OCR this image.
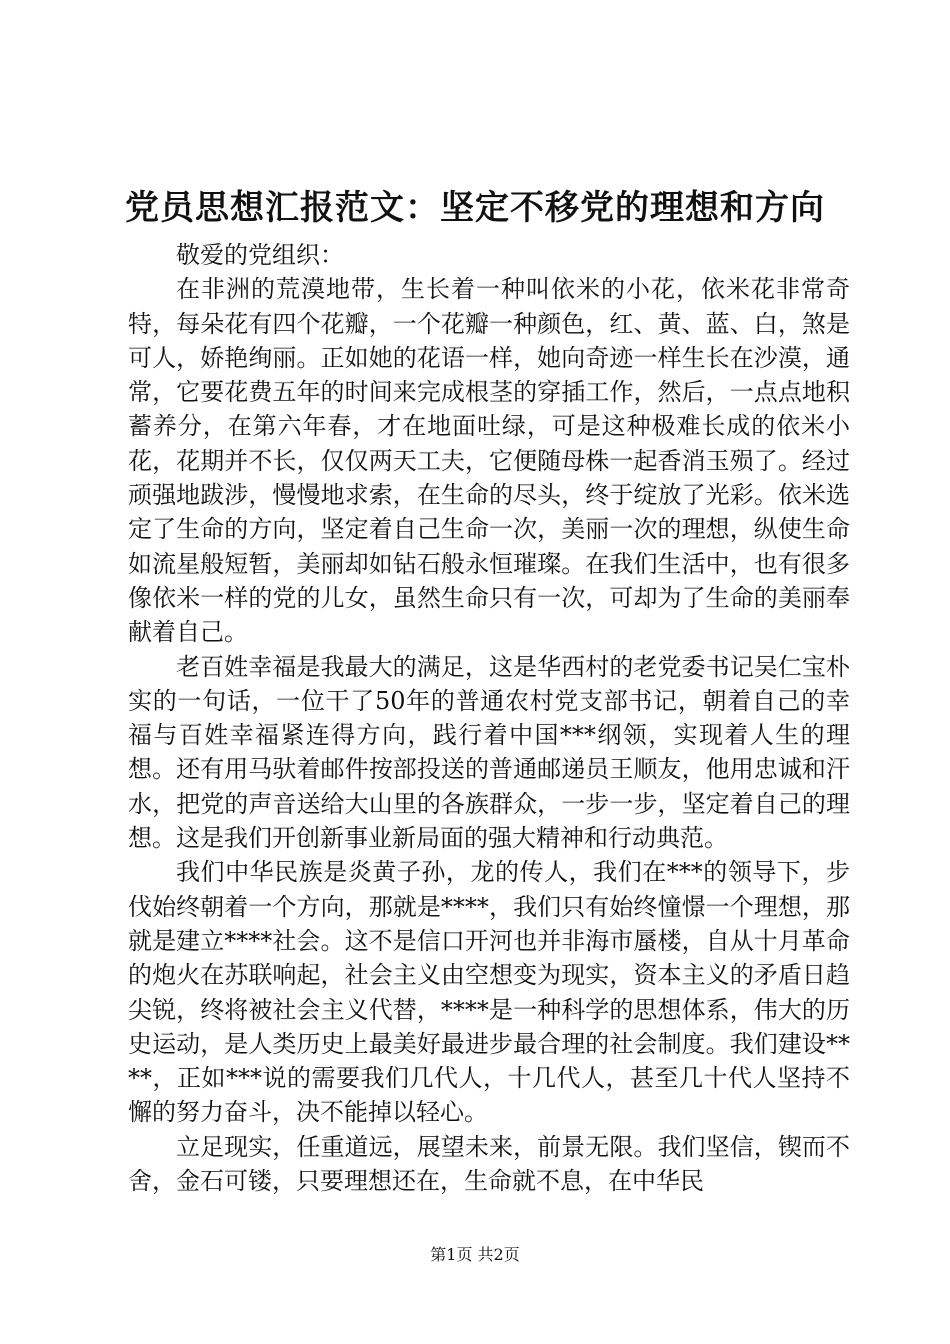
党员思想汇报范文：坚定不移党的理想和方向

敬爱的党组织：

在非洲的荒漠地带，生长着一种叫依米的小花，依米花非常奇特，每朵花有四个花瓣，一个花瓣一种颜色，红、黄、蓝、白，煞是可人，娇艳绚丽。正如她的花语一样，她向奇迹一样生长在沙漠，通常，它要花费五年的时间来完成根茎的穿插工作，然后，一点点地积蓄养分，在第六年春，才在地面吐绿，可是这种极难长成的依米小花，花期并不长，仅仅两天工夫，它便随母株一起香消玉殒了。经过顽强地跋涉，慢慢地求索，在生命的尽头，终于绽放了光彩。依米选定了生命的方向，坚定着自己生命一次，美丽一次的理想，纵使生命如流星般短暂，美丽却如钻石般永恒璀璨。在我们生活中，也有很多像依米一样的党的儿女，虽然生命只有一次，可却为了生命的美丽奉献着自己。

老百姓幸福是我最大的满足，这是华西村的老党委书记吴仁宝朴实的一句话，一位干了50年的普通农村党支部书记，朝着自己的幸福与百姓幸福紧连得方向，践行着中国***纲领，实现着人生的理想。还有用马驮着邮件按部投送的普通邮递员王顺友，他用忠诚和汗水，把党的声音送给大山里的各族群众，一步一步，坚定着自己的理想。这是我们开创新事业新局面的强大精神和行动典范。

我们中华民族是炎黄子孙，龙的传人，我们在***的领导下，步伐始终朝着一个方向，那就是****，我们只有始终憧憬一个理想，那就是建立****社会。这不是信口开河也并非海市蜃楼，自从十月革命的炮火在苏联响起，社会主义由空想变为现实，资本主义的矛盾日趋尖锐，终将被社会主义代替，****是一种科学的思想体系，伟大的历史运动，是人类历史上最美好最进步最合理的社会制度。我们建设****，正如***说的需要我们几代人，十几代人，甚至几十代人坚持不懈的努力奋斗，决不能掉以轻心。

立足现实，任重道远，展望未来，前景无限。我们坚信，锲而不舍，金石可镂，只要理想还在，生命就不息，在中华民

第1页 共2页
